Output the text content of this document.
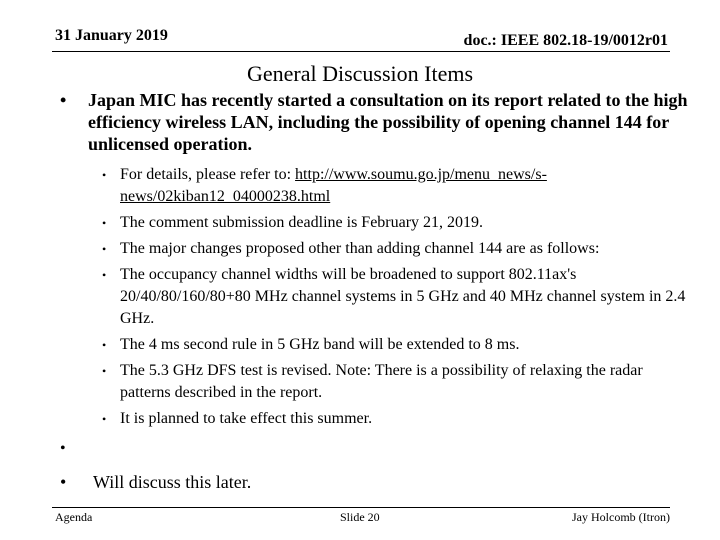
31 January 2019	doc.: IEEE 802.18-19/0012r01
General Discussion Items
•	Japan MIC has recently started a consultation on its report related to the high efficiency wireless LAN, including the possibility of opening channel 144 for unlicensed operation.
• For details, please refer to: http://www.soumu.go.jp/menu_news/s-news/02kiban12_04000238.html
• The comment submission deadline is February 21, 2019.
• The major changes proposed other than adding channel 144 are as follows:
• The occupancy channel widths will be broadened to support 802.11ax's 20/40/80/160/80+80 MHz channel systems in 5 GHz and 40 MHz channel system in 2.4 GHz.
• The 4 ms second rule in 5 GHz band will be extended to 8 ms.
• The 5.3 GHz DFS test is revised. Note: There is a possibility of relaxing the radar patterns described in the report.
• It is planned to take effect this summer.
•
• Will discuss this later.
Agenda	Slide 20	Jay Holcomb (Itron)
